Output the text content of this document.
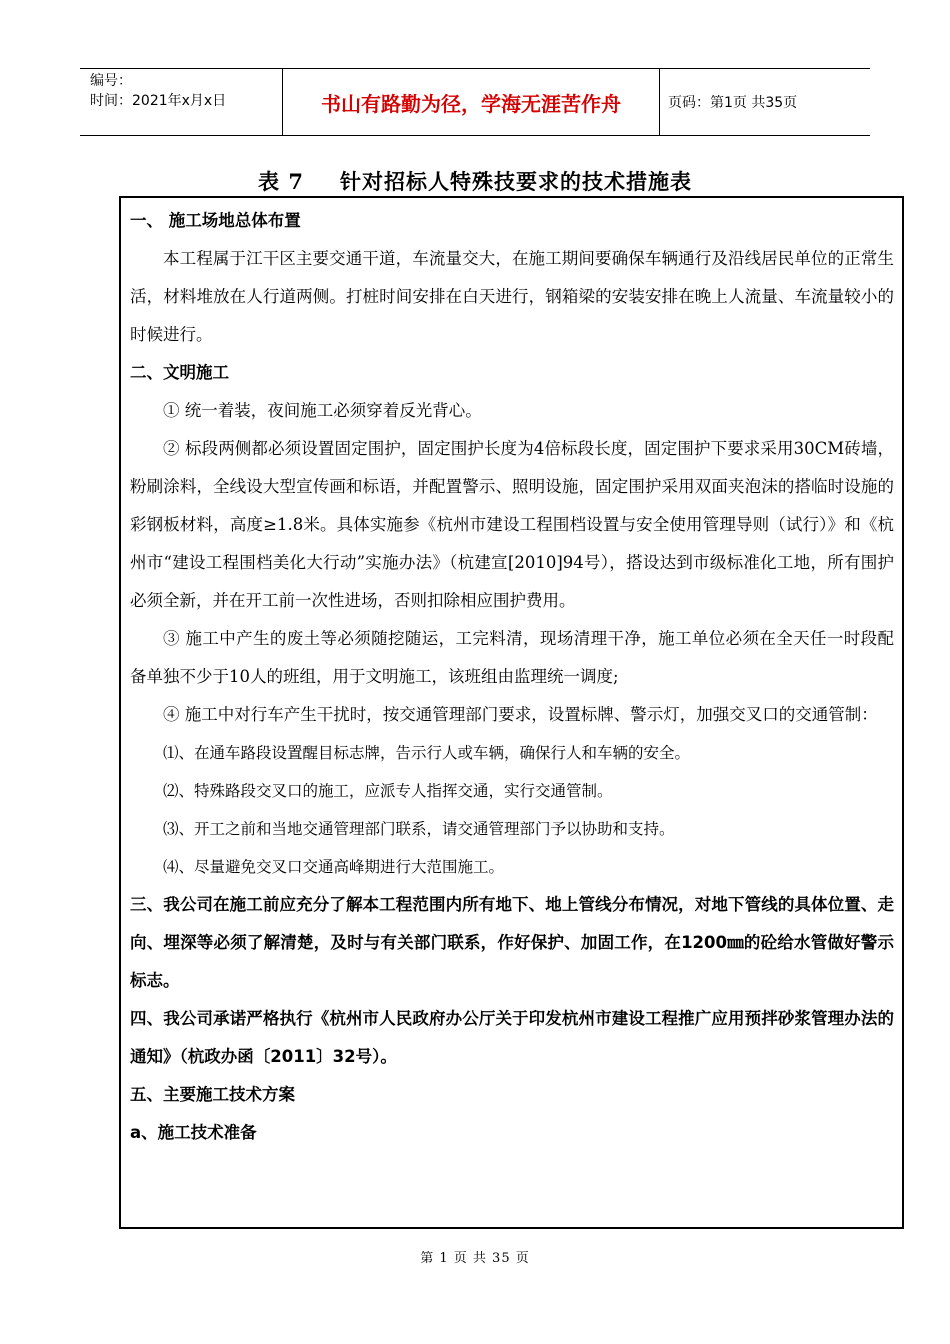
编号：
时间：2021年x月x日	书山有路勤为径，学海无涯苦作舟	页码：第1页 共35页
表 7 针对招标人特殊技要求的技术措施表

一、 施工场地总体布置

本工程属于江干区主要交通干道，车流量交大，在施工期间要确保车辆通行及沿线居民单位的正常生活，材料堆放在人行道两侧。打桩时间安排在白天进行，钢箱梁的安装安排在晚上人流量、车流量较小的时候进行。

二、文明施工

① 统一着装，夜间施工必须穿着反光背心。

② 标段两侧都必须设置固定围护，固定围护长度为4倍标段长度，固定围护下要求采用30CM砖墙，粉刷涂料，全线设大型宣传画和标语，并配置警示、照明设施，固定围护采用双面夹泡沫的搭临时设施的彩钢板材料，高度≥1.8米。具体实施参《杭州市建设工程围档设置与安全使用管理导则（试行）》和《杭州市“建设工程围档美化大行动”实施办法》（杭建宣[2010]94号），搭设达到市级标准化工地，所有围护必须全新，并在开工前一次性进场，否则扣除相应围护费用。

③ 施工中产生的废土等必须随挖随运，工完料清，现场清理干净，施工单位必须在全天任一时段配备单独不少于10人的班组，用于文明施工，该班组由监理统一调度;

④ 施工中对行车产生干扰时，按交通管理部门要求，设置标牌、警示灯，加强交叉口的交通管制：

⑴、在通车路段设置醒目标志牌，告示行人或车辆，确保行人和车辆的安全。

⑵、特殊路段交叉口的施工，应派专人指挥交通，实行交通管制。

⑶、开工之前和当地交通管理部门联系，请交通管理部门予以协助和支持。

⑷、尽量避免交叉口交通高峰期进行大范围施工。

三、我公司在施工前应充分了解本工程范围内所有地下、地上管线分布情况，对地下管线的具体位置、走向、埋深等必须了解清楚，及时与有关部门联系，作好保护、加固工作，在1200㎜的砼给水管做好警示标志。

四、我公司承诺严格执行《杭州市人民政府办公厅关于印发杭州市建设工程推广应用预拌砂浆管理办法的通知》（杭政办函〔2011〕32号）。

五、主要施工技术方案

a、施工技术准备

第 1 页 共 35 页
